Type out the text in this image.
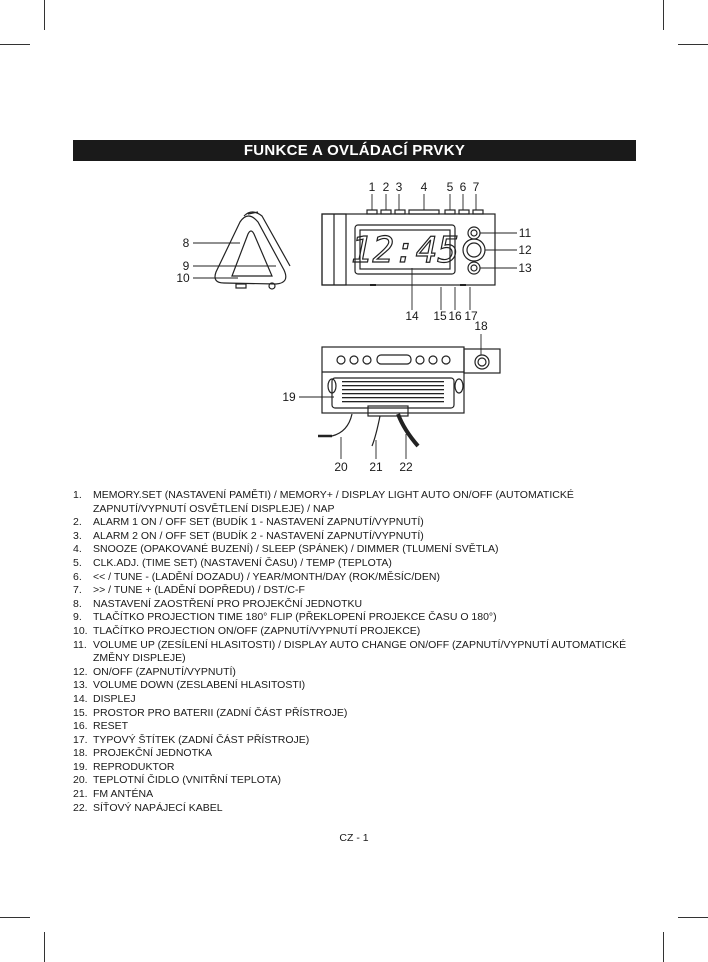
FUNKCE A OVLÁDACÍ PRVKY
12:45
1 2 3 4 5 6 7
8
9
10
11
12
13
14 15 16 17
18
19
20 21 22
1.	MEMORY.SET (NASTAVENÍ PAMĚTI) / MEMORY+ / DISPLAY LIGHT AUTO ON/OFF (AUTOMATICKÉ ZAPNUTÍ/VYPNUTÍ OSVĚTLENÍ DISPLEJE) / NAP
2.	ALARM 1 ON / OFF SET (BUDÍK 1 - NASTAVENÍ ZAPNUTÍ/VYPNUTÍ)
3.	ALARM 2 ON / OFF SET (BUDÍK 2 - NASTAVENÍ ZAPNUTÍ/VYPNUTÍ)
4.	SNOOZE (OPAKOVANÉ BUZENÍ) / SLEEP (SPÁNEK) / DIMMER (TLUMENÍ SVĚTLA)
5.	CLK.ADJ. (TIME SET) (NASTAVENÍ ČASU) / TEMP (TEPLOTA)
6.	<< / TUNE - (LADĚNÍ DOZADU) / YEAR/MONTH/DAY (ROK/MĚSÍC/DEN)
7.	>> / TUNE + (LADĚNÍ DOPŘEDU) / DST/C-F
8.	NASTAVENÍ ZAOSTŘENÍ PRO PROJEKČNÍ JEDNOTKU
9.	TLAČÍTKO PROJECTION TIME 180° FLIP (PŘEKLOPENÍ PROJEKCE ČASU O 180°)
10. TLAČÍTKO PROJECTION ON/OFF (ZAPNUTÍ/VYPNUTÍ PROJEKCE)
11. VOLUME UP (ZESÍLENÍ HLASITOSTI) / DISPLAY AUTO CHANGE ON/OFF (ZAPNUTÍ/VYPNUTÍ AUTOMATICKÉ ZMĚNY DISPLEJE)
12. ON/OFF (ZAPNUTÍ/VYPNUTÍ)
13. VOLUME DOWN (ZESLABENÍ HLASITOSTI)
14. DISPLEJ
15. PROSTOR PRO BATERII (ZADNÍ ČÁST PŘÍSTROJE)
16. RESET
17. TYPOVÝ ŠTÍTEK (ZADNÍ ČÁST PŘÍSTROJE)
18. PROJEKČNÍ JEDNOTKA
19. REPRODUKTOR
20. TEPLOTNÍ ČIDLO (VNITŘNÍ TEPLOTA)
21. FM ANTÉNA
22. SÍŤOVÝ NAPÁJECÍ KABEL
CZ - 1
